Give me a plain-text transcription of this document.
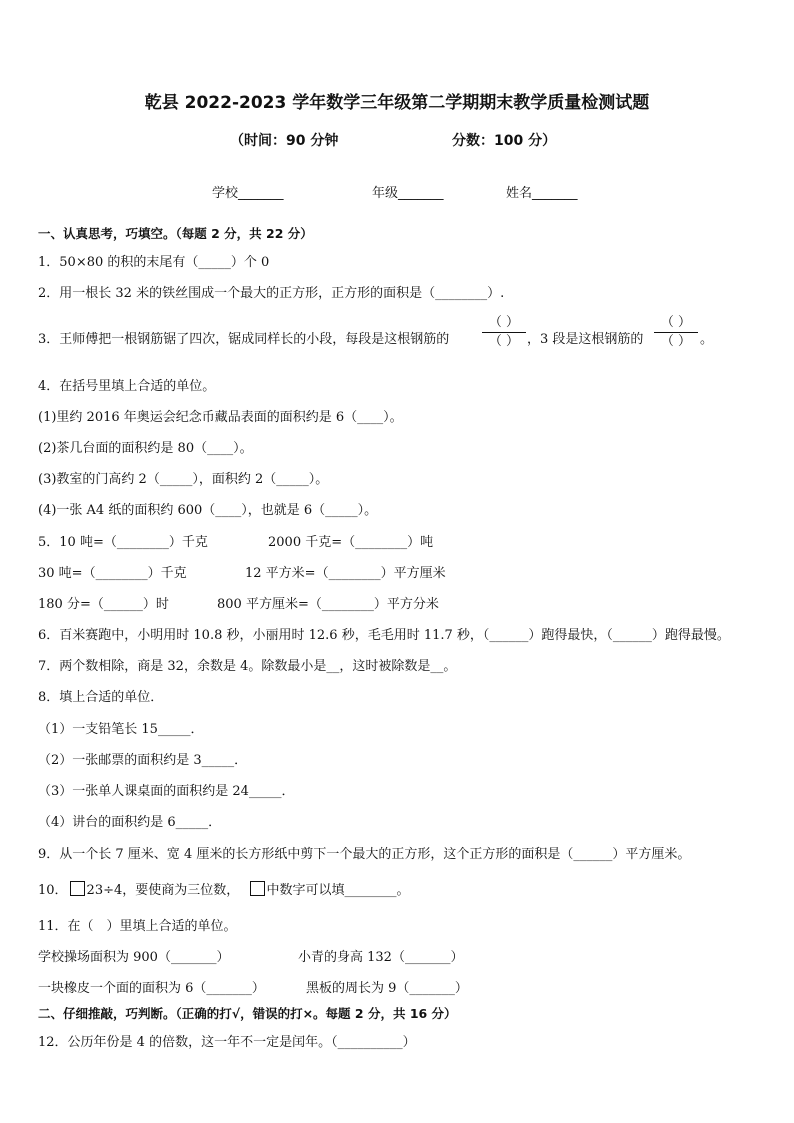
乾县 2022-2023 学年数学三年级第二学期期末教学质量检测试题
（时间：90 分钟	分数：100 分）
学校_______	年级_______	姓名_______
一、认真思考，巧填空。（每题 2 分，共 22 分）
1．50×80 的积的末尾有（_____）个 0
2．用一根长 32 米的铁丝围成一个最大的正方形，正方形的面积是（________）.
3．王师傅把一根钢筋锯了四次，锯成同样长的小段，每段是这根钢筋的
（ ）
（ ） ，3 段是这根钢筋的
（ ）
（ ） 。
4．在括号里填上合适的单位。
(1)里约 2016 年奥运会纪念币藏品表面的面积约是 6（____）。
(2)茶几台面的面积约是 80（____）。
(3)教室的门高约 2（_____），面积约 2（_____）。
(4)一张 A4 纸的面积约 600（____），也就是 6（_____）。
5．10 吨=（________）千克	2000 千克=（________）吨
30 吨=（________）千克	12 平方米=（________）平方厘米
180 分=（______）时	800 平方厘米=（________）平方分米
6．百米赛跑中，小明用时 10.8 秒，小丽用时 12.6 秒，毛毛用时 11.7 秒，（______）跑得最快，（______）跑得最慢。
7．两个数相除，商是 32，余数是 4。除数最小是__，这时被除数是__。
8．填上合适的单位．
（1）一支铅笔长 15_____．
（2）一张邮票的面积约是 3_____．
（3）一张单人课桌面的面积约是 24_____．
（4）讲台的面积约是 6_____．
9．从一个长 7 厘米、宽 4 厘米的长方形纸中剪下一个最大的正方形，这个正方形的面积是（______）平方厘米。
10． 23÷4，要使商为三位数， 中数字可以填________。
11．在（　）里填上合适的单位。
学校操场面积为 900（_______）	小青的身高 132（_______）
一块橡皮一个面的面积为 6（_______）	黑板的周长为 9（_______）
二、仔细推敲，巧判断。（正确的打√，错误的打×。每题 2 分，共 16 分）
12．公历年份是 4 的倍数，这一年不一定是闰年。（__________）
